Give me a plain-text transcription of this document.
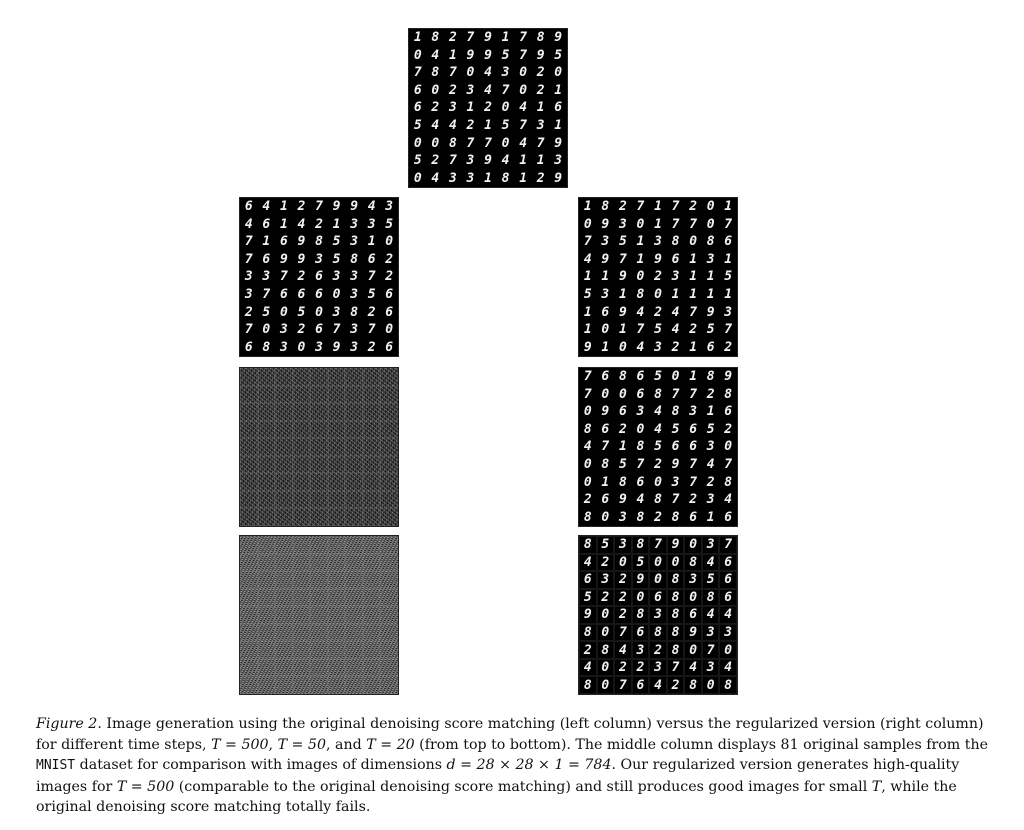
1 8 2 7 9 1 7 8 9
0 4 1 9 9 5 7 9 5
7 8 7 0 4 3 0 2 0
6 0 2 3 4 7 0 2 1
6 2 3 1 2 0 4 1 6
5 4 4 2 1 5 7 3 1
0 0 8 7 7 0 4 7 9
5 2 7 3 9 4 1 1 3
0 4 3 3 1 8 1 2 9
6 4 1 2 7 9 9 4 3
4 6 1 4 2 1 3 3 5
7 1 6 9 8 5 3 1 0
7 6 9 9 3 5 8 6 2
3 3 7 2 6 3 3 7 2
3 7 6 6 6 0 3 5 6
2 5 0 5 0 3 8 2 6
7 0 3 2 6 7 3 7 0
6 8 3 0 3 9 3 2 6
1 8 2 7 1 7 2 0 1
0 9 3 0 1 7 7 0 7
7 3 5 1 3 8 0 8 6
4 9 7 1 9 6 1 3 1
1 1 9 0 2 3 1 1 5
5 3 1 8 0 1 1 1 1
1 6 9 4 2 4 7 9 3
1 0 1 7 5 4 2 5 7
9 1 0 4 3 2 1 6 2
7 6 8 6 5 0 1 8 9
7 0 0 6 8 7 7 2 8
0 9 6 3 4 8 3 1 6
8 6 2 0 4 5 6 5 2
4 7 1 8 5 6 6 3 0
0 8 5 7 2 9 7 4 7
0 1 8 6 0 3 7 2 8
2 6 9 4 8 7 2 3 4
8 0 3 8 2 8 6 1 6
8 5 3 8 7 9 0 3 7
4 2 0 5 0 0 8 4 6
6 3 2 9 0 8 3 5 6
5 2 2 0 6 8 0 8 6
9 0 2 8 3 8 6 4 4
8 0 7 6 8 8 9 3 3
2 8 4 3 2 8 0 7 0
4 0 2 2 3 7 4 3 4
8 0 7 6 4 2 8 0 8
Figure 2. Image generation using the original denoising score matching (left column) versus the regularized version (right column) for different time steps, T = 500, T = 50, and T = 20 (from top to bottom). The middle column displays 81 original samples from the MNIST dataset for comparison with images of dimensions d = 28 × 28 × 1 = 784. Our regularized version generates high-quality images for T = 500 (comparable to the original denoising score matching) and still produces good images for small T, while the original denoising score matching totally fails.
